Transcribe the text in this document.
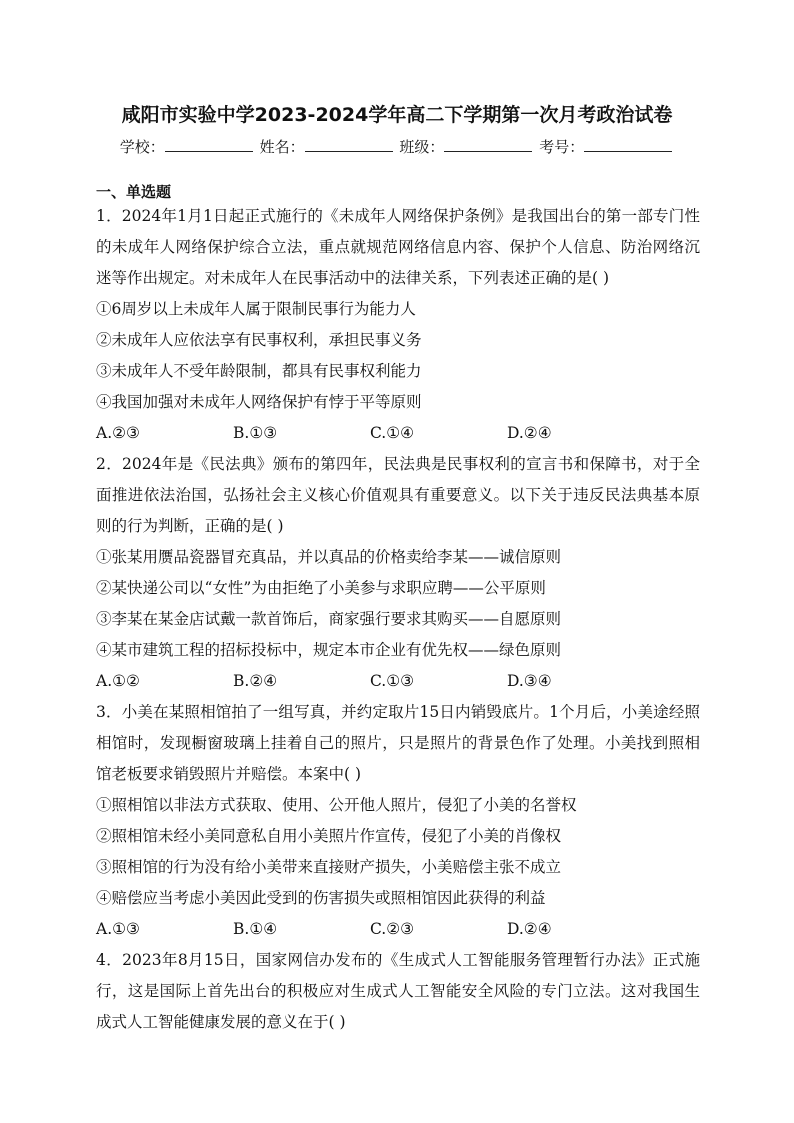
咸阳市实验中学2023-2024学年高二下学期第一次月考政治试卷
学校：	姓名：	班级：	考号：
一、单选题

1．2024年1月1日起正式施行的《未成年人网络保护条例》是我国出台的第一部专门性的未成年人网络保护综合立法，重点就规范网络信息内容、保护个人信息、防治网络沉迷等作出规定。对未成年人在民事活动中的法律关系，下列表述正确的是( )

①6周岁以上未成年人属于限制民事行为能力人

②未成年人应依法享有民事权利，承担民事义务

③未成年人不受年龄限制，都具有民事权利能力

④我国加强对未成年人网络保护有悖于平等原则

A.②③	B.①③	C.①④	D.②④

2．2024年是《民法典》颁布的第四年，民法典是民事权利的宣言书和保障书，对于全面推进依法治国，弘扬社会主义核心价值观具有重要意义。以下关于违反民法典基本原则的行为判断，正确的是( )

①张某用赝品瓷器冒充真品，并以真品的价格卖给李某——诚信原则

②某快递公司以“女性”为由拒绝了小美参与求职应聘——公平原则

③李某在某金店试戴一款首饰后，商家强行要求其购买——自愿原则

④某市建筑工程的招标投标中，规定本市企业有优先权——绿色原则

A.①②	B.②④	C.①③	D.③④

3．小美在某照相馆拍了一组写真，并约定取片15日内销毁底片。1个月后，小美途经照相馆时，发现橱窗玻璃上挂着自己的照片，只是照片的背景色作了处理。小美找到照相馆老板要求销毁照片并赔偿。本案中( )

①照相馆以非法方式获取、使用、公开他人照片，侵犯了小美的名誉权

②照相馆未经小美同意私自用小美照片作宣传，侵犯了小美的肖像权

③照相馆的行为没有给小美带来直接财产损失，小美赔偿主张不成立

④赔偿应当考虑小美因此受到的伤害损失或照相馆因此获得的利益

A.①③	B.①④	C.②③	D.②④

4．2023年8月15日，国家网信办发布的《生成式人工智能服务管理暂行办法》正式施行，这是国际上首先出台的积极应对生成式人工智能安全风险的专门立法。这对我国生成式人工智能健康发展的意义在于( )
